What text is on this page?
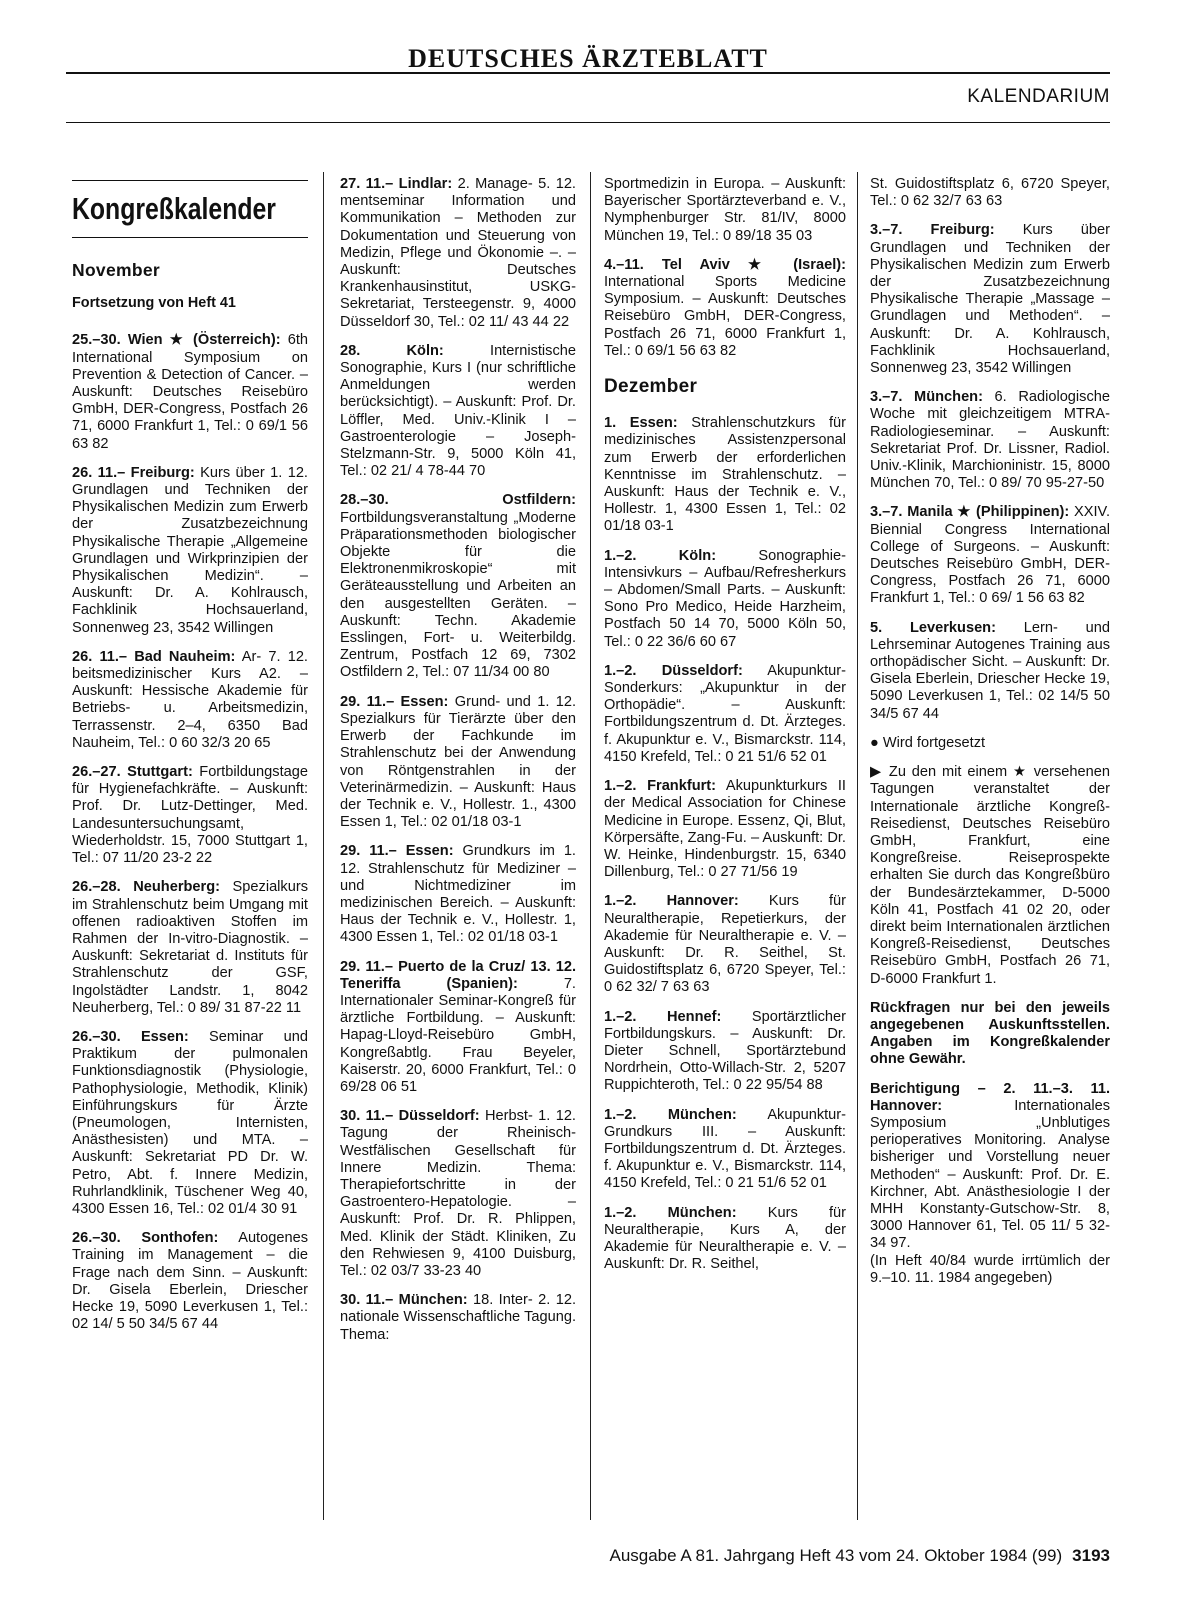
DEUTSCHES ÄRZTEBLATT
KALENDARIUM
Kongreßkalender
November
Fortsetzung von Heft 41
25.–30. Wien ★ (Österreich): 6th International Symposium on Prevention & Detection of Cancer. – Auskunft: Deutsches Reisebüro GmbH, DER-Congress, Postfach 26 71, 6000 Frankfurt 1, Tel.: 0 69/1 56 63 82
26. 11.– Freiburg: Kurs über 1. 12. Grundlagen und Techniken der Physikalischen Medizin zum Erwerb der Zusatzbezeichnung Physikalische Therapie „Allgemeine Grundlagen und Wirkprinzipien der Physikalischen Medizin“. – Auskunft: Dr. A. Kohlrausch, Fachklinik Hochsauerland, Sonnenweg 23, 3542 Willingen
26. 11.– Bad Nauheim: Ar- 7. 12. beitsmedizinischer Kurs A2. – Auskunft: Hessische Akademie für Betriebs- u. Arbeitsmedizin, Terrassenstr. 2–4, 6350 Bad Nauheim, Tel.: 0 60 32/3 20 65
26.–27. Stuttgart: Fortbildungstage für Hygienefachkräfte. – Auskunft: Prof. Dr. Lutz-Dettinger, Med. Landesuntersuchungsamt, Wiederholdstr. 15, 7000 Stuttgart 1, Tel.: 07 11/20 23-2 22
26.–28. Neuherberg: Spezialkurs im Strahlenschutz beim Umgang mit offenen radioaktiven Stoffen im Rahmen der In-vitro-Diagnostik. – Auskunft: Sekretariat d. Instituts für Strahlenschutz der GSF, Ingolstädter Landstr. 1, 8042 Neuherberg, Tel.: 0 89/ 31 87-22 11
26.–30. Essen: Seminar und Praktikum der pulmonalen Funktionsdiagnostik (Physiologie, Pathophysiologie, Methodik, Klinik) Einführungskurs für Ärzte (Pneumologen, Internisten, Anästhesisten) und MTA. – Auskunft: Sekretariat PD Dr. W. Petro, Abt. f. Innere Medizin, Ruhrlandklinik, Tüschener Weg 40, 4300 Essen 16, Tel.: 02 01/4 30 91
26.–30. Sonthofen: Autogenes Training im Management – die Frage nach dem Sinn. – Auskunft: Dr. Gisela Eberlein, Driescher Hecke 19, 5090 Leverkusen 1, Tel.: 02 14/ 5 50 34/5 67 44
27. 11.– Lindlar: 2. Manage- 5. 12. mentseminar Information und Kommunikation – Methoden zur Dokumentation und Steuerung von Medizin, Pflege und Ökonomie –. – Auskunft: Deutsches Krankenhausinstitut, USKG-Sekretariat, Tersteegenstr. 9, 4000 Düsseldorf 30, Tel.: 02 11/ 43 44 22
28. Köln: Internistische Sonographie, Kurs I (nur schriftliche Anmeldungen werden berücksichtigt). – Auskunft: Prof. Dr. Löffler, Med. Univ.-Klinik I – Gastroenterologie – Joseph-Stelzmann-Str. 9, 5000 Köln 41, Tel.: 02 21/ 4 78-44 70
28.–30. Ostfildern: Fortbildungsveranstaltung „Moderne Präparationsmethoden biologischer Objekte für die Elektronenmikroskopie“ mit Geräteausstellung und Arbeiten an den ausgestellten Geräten. – Auskunft: Techn. Akademie Esslingen, Fort- u. Weiterbildg. Zentrum, Postfach 12 69, 7302 Ostfildern 2, Tel.: 07 11/34 00 80
29. 11.– Essen: Grund- und 1. 12. Spezialkurs für Tierärzte über den Erwerb der Fachkunde im Strahlenschutz bei der Anwendung von Röntgenstrahlen in der Veterinärmedizin. – Auskunft: Haus der Technik e. V., Hollestr. 1., 4300 Essen 1, Tel.: 02 01/18 03-1
29. 11.– Essen: Grundkurs im 1. 12. Strahlenschutz für Mediziner – und Nichtmediziner im medizinischen Bereich. – Auskunft: Haus der Technik e. V., Hollestr. 1, 4300 Essen 1, Tel.: 02 01/18 03-1
29. 11.– Puerto de la Cruz/ 13. 12. Teneriffa (Spanien): 7. Internationaler Seminar-Kongreß für ärztliche Fortbildung. – Auskunft: Hapag-Lloyd-Reisebüro GmbH, Kongreßabtlg. Frau Beyeler, Kaiserstr. 20, 6000 Frankfurt, Tel.: 0 69/28 06 51
30. 11.– Düsseldorf: Herbst- 1. 12. Tagung der Rheinisch-Westfälischen Gesellschaft für Innere Medizin. Thema: Therapiefortschritte in der Gastroentero-Hepatologie. – Auskunft: Prof. Dr. R. Phlippen, Med. Klinik der Städt. Kliniken, Zu den Rehwiesen 9, 4100 Duisburg, Tel.: 02 03/7 33-23 40
30. 11.– München: 18. Inter- 2. 12. nationale Wissenschaftliche Tagung. Thema:
Sportmedizin in Europa. – Auskunft: Bayerischer Sportärzteverband e. V., Nymphenburger Str. 81/IV, 8000 München 19, Tel.: 0 89/18 35 03
4.–11. Tel Aviv ★ (Israel): International Sports Medicine Symposium. – Auskunft: Deutsches Reisebüro GmbH, DER-Congress, Postfach 26 71, 6000 Frankfurt 1, Tel.: 0 69/1 56 63 82
Dezember
1. Essen: Strahlenschutzkurs für medizinisches Assistenzpersonal zum Erwerb der erforderlichen Kenntnisse im Strahlenschutz. – Auskunft: Haus der Technik e. V., Hollestr. 1, 4300 Essen 1, Tel.: 02 01/18 03-1
1.–2. Köln: Sonographie-Intensivkurs – Aufbau/Refresherkurs – Abdomen/Small Parts. – Auskunft: Sono Pro Medico, Heide Harzheim, Postfach 50 14 70, 5000 Köln 50, Tel.: 0 22 36/6 60 67
1.–2. Düsseldorf: Akupunktur-Sonderkurs: „Akupunktur in der Orthopädie“. – Auskunft: Fortbildungszentrum d. Dt. Ärzteges. f. Akupunktur e. V., Bismarckstr. 114, 4150 Krefeld, Tel.: 0 21 51/6 52 01
1.–2. Frankfurt: Akupunkturkurs II der Medical Association for Chinese Medicine in Europe. Essenz, Qi, Blut, Körpersäfte, Zang-Fu. – Auskunft: Dr. W. Heinke, Hindenburgstr. 15, 6340 Dillenburg, Tel.: 0 27 71/56 19
1.–2. Hannover: Kurs für Neuraltherapie, Repetierkurs, der Akademie für Neuraltherapie e. V. – Auskunft: Dr. R. Seithel, St. Guidostiftsplatz 6, 6720 Speyer, Tel.: 0 62 32/ 7 63 63
1.–2. Hennef: Sportärztlicher Fortbildungskurs. – Auskunft: Dr. Dieter Schnell, Sportärztebund Nordrhein, Otto-Willach-Str. 2, 5207 Ruppichteroth, Tel.: 0 22 95/54 88
1.–2. München: Akupunktur-Grundkurs III. – Auskunft: Fortbildungszentrum d. Dt. Ärzteges. f. Akupunktur e. V., Bismarckstr. 114, 4150 Krefeld, Tel.: 0 21 51/6 52 01
1.–2. München: Kurs für Neuraltherapie, Kurs A, der Akademie für Neuraltherapie e. V. – Auskunft: Dr. R. Seithel,
St. Guidostiftsplatz 6, 6720 Speyer, Tel.: 0 62 32/7 63 63
3.–7. Freiburg: Kurs über Grundlagen und Techniken der Physikalischen Medizin zum Erwerb der Zusatzbezeichnung Physikalische Therapie „Massage – Grundlagen und Methoden“. – Auskunft: Dr. A. Kohlrausch, Fachklinik Hochsauerland, Sonnenweg 23, 3542 Willingen
3.–7. München: 6. Radiologische Woche mit gleichzeitigem MTRA-Radiologieseminar. – Auskunft: Sekretariat Prof. Dr. Lissner, Radiol. Univ.-Klinik, Marchioninistr. 15, 8000 München 70, Tel.: 0 89/ 70 95-27-50
3.–7. Manila ★ (Philippinen): XXIV. Biennial Congress International College of Surgeons. – Auskunft: Deutsches Reisebüro GmbH, DER-Congress, Postfach 26 71, 6000 Frankfurt 1, Tel.: 0 69/ 1 56 63 82
5. Leverkusen: Lern- und Lehrseminar Autogenes Training aus orthopädischer Sicht. – Auskunft: Dr. Gisela Eberlein, Driescher Hecke 19, 5090 Leverkusen 1, Tel.: 02 14/5 50 34/5 67 44
● Wird fortgesetzt
▶ Zu den mit einem ★ versehenen Tagungen veranstaltet der Internationale ärztliche Kongreß-Reisedienst, Deutsches Reisebüro GmbH, Frankfurt, eine Kongreßreise. Reiseprospekte erhalten Sie durch das Kongreßbüro der Bundesärztekammer, D-5000 Köln 41, Postfach 41 02 20, oder direkt beim Internationalen ärztlichen Kongreß-Reisedienst, Deutsches Reisebüro GmbH, Postfach 26 71, D-6000 Frankfurt 1.
Rückfragen nur bei den jeweils angegebenen Auskunftsstellen. Angaben im Kongreßkalender ohne Gewähr.
Berichtigung – 2. 11.–3. 11. Hannover: Internationales Symposium „Unblutiges perioperatives Monitoring. Analyse bisheriger und Vorstellung neuer Methoden“ – Auskunft: Prof. Dr. E. Kirchner, Abt. Anästhesiologie I der MHH Konstanty-Gutschow-Str. 8, 3000 Hannover 61, Tel. 05 11/ 5 32-34 97.
(In Heft 40/84 wurde irrtümlich der 9.–10. 11. 1984 angegeben)
Ausgabe A 81. Jahrgang Heft 43 vom 24. Oktober 1984 (99) 3193
